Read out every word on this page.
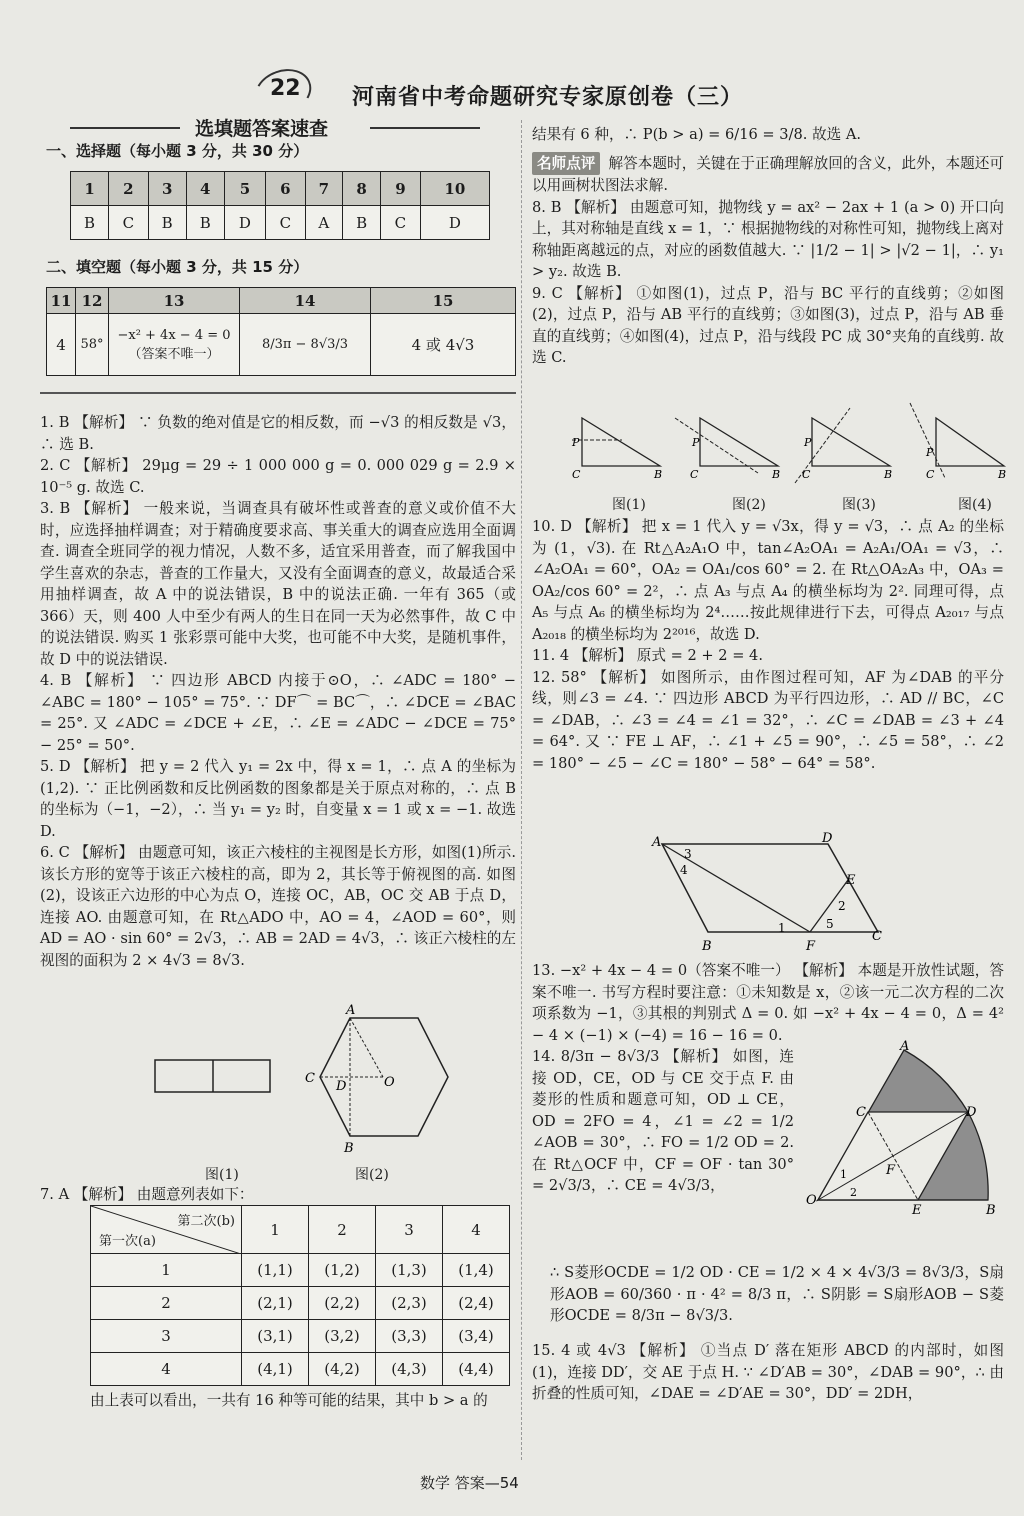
22 河南省中考命题研究专家原创卷（三）
选填题答案速查
一、选择题（每小题 3 分，共 30 分）
1	2	3	4	5	6	7	8	9	10
B	C	B	B	D	C	A	B	C	D
二、填空题（每小题 3 分，共 15 分）
11	12	13	14	15
4	58°	−x² + 4x − 4 = 0（答案不唯一）	8/3π − 8√3/3	4 或 4√3

1. B 【解析】 ∵ 负数的绝对值是它的相反数，而 −√3 的相反数是 √3，∴ 选 B.

2. C 【解析】 29μg = 29 ÷ 1 000 000 g = 0. 000 029 g = 2.9 × 10⁻⁵ g. 故选 C.

3. B 【解析】 一般来说，当调查具有破坏性或普查的意义或价值不大时，应选择抽样调查；对于精确度要求高、事关重大的调查应选用全面调查. 调查全班同学的视力情况，人数不多，适宜采用普查，而了解我国中学生喜欢的杂志，普查的工作量大，又没有全面调查的意义，故最适合采用抽样调查，故 A 中的说法错误，B 中的说法正确. 一年有 365（或 366）天，则 400 人中至少有两人的生日在同一天为必然事件，故 C 中的说法错误. 购买 1 张彩票可能中大奖，也可能不中大奖，是随机事件，故 D 中的说法错误.

4. B 【解析】 ∵ 四边形 ABCD 内接于⊙O，∴ ∠ADC = 180° − ∠ABC = 180° − 105° = 75°. ∵ DF⌒ = BC⌒，∴ ∠DCE = ∠BAC = 25°. 又 ∠ADC = ∠DCE + ∠E，∴ ∠E = ∠ADC − ∠DCE = 75° − 25° = 50°.

5. D 【解析】 把 y = 2 代入 y₁ = 2x 中，得 x = 1，∴ 点 A 的坐标为 (1,2). ∵ 正比例函数和反比例函数的图象都是关于原点对称的，∴ 点 B 的坐标为（−1，−2），∴ 当 y₁ = y₂ 时，自变量 x = 1 或 x = −1. 故选 D.

6. C 【解析】 由题意可知，该正六棱柱的主视图是长方形，如图(1)所示. 该长方形的宽等于该正六棱柱的高，即为 2，其长等于俯视图的高. 如图(2)，设该正六边形的中心为点 O，连接 OC，AB，OC 交 AB 于点 D，连接 AO. 由题意可知，在 Rt△ADO 中，AO = 4，∠AOD = 60°，则 AD = AO · sin 60° = 2√3，∴ AB = 2AD = 4√3，∴ 该正六棱柱的左视图的面积为 2 × 4√3 = 8√3.

A
C
D	O
B
图(1)	图(2)
7. A 【解析】 由题意列表如下：
第二次(b)
第一次(a)	1	2	3	4
1	(1,1)	(1,2)	(1,3)	(1,4)
2	(2,1)	(2,2)	(2,3)	(2,4)
3	(3,1)	(3,2)	(3,3)	(3,4)
4	(4,1)	(4,2)	(4,3)	(4,4)
由上表可以看出，一共有 16 种等可能的结果，其中 b > a 的

结果有 6 种，∴ P(b > a) = 6/16 = 3/8. 故选 A.

名师点评 解答本题时，关键在于正确理解放回的含义，此外，本题还可以用画树状图法求解.

8. B 【解析】 由题意可知，抛物线 y = ax² − 2ax + 1 (a > 0) 开口向上，其对称轴是直线 x = 1，∵ 根据抛物线的对称性可知，抛物线上离对称轴距离越远的点，对应的函数值越大. ∵ |1/2 − 1| > |√2 − 1|，∴ y₁ > y₂. 故选 B.

9. C 【解析】 ①如图(1)，过点 P，沿与 BC 平行的直线剪；②如图(2)，过点 P，沿与 AB 平行的直线剪；③如图(3)，过点 P，沿与 AB 垂直的直线剪；④如图(4)，过点 P，沿与线段 PC 成 30°夹角的直线剪. 故选 C.

P
C	B
P
C	B
P
C	B
P
C	B
图(1)	图(2)	图(3)	图(4)

10. D 【解析】 把 x = 1 代入 y = √3x，得 y = √3，∴ 点 A₂ 的坐标为 (1，√3). 在 Rt△A₂A₁O 中，tan∠A₂OA₁ = A₂A₁/OA₁ = √3，∴ ∠A₂OA₁ = 60°，OA₂ = OA₁/cos 60° = 2. 在 Rt△OA₂A₃ 中，OA₃ = OA₂/cos 60° = 2²，∴ 点 A₃ 与点 A₄ 的横坐标均为 2². 同理可得，点 A₅ 与点 A₆ 的横坐标均为 2⁴……按此规律进行下去，可得点 A₂₀₁₇ 与点 A₂₀₁₈ 的横坐标均为 2²⁰¹⁶，故选 D.

11. 4 【解析】 原式 = 2 + 2 = 4.

12. 58° 【解析】 如图所示，由作图过程可知，AF 为∠DAB 的平分线，则∠3 = ∠4. ∵ 四边形 ABCD 为平行四边形，∴ AD // BC，∠C = ∠DAB，∴ ∠3 = ∠4 = ∠1 = 32°，∴ ∠C = ∠DAB = ∠3 + ∠4 = 64°. 又 ∵ FE ⊥ AF，∴ ∠1 + ∠5 = 90°，∴ ∠5 = 58°，∴ ∠2 = 180° − ∠5 − ∠C = 180° − 58° − 64° = 58°.

A	D
E
B	F
C
3
4
2
1	5
13. −x² + 4x − 4 = 0（答案不唯一） 【解析】 本题是开放性试题，答案不唯一. 书写方程时要注意：①未知数是 x，②该一元二次方程的二次项系数为 −1，③其根的判别式 Δ = 0. 如 −x² + 4x − 4 = 0，Δ = 4² − 4 × (−1) × (−4) = 16 − 16 = 0.
14. 8/3π − 8√3/3 【解析】 如图，连接 OD，CE，OD 与 CE 交于点 F. 由菱形的性质和题意可知，OD ⊥ CE，OD = 2FO = 4，∠1 = ∠2 = 1/2 ∠AOB = 30°，∴ FO = 1/2 OD = 2. 在 Rt△OCF 中，CF = OF · tan 30° = 2√3/3，∴ CE = 4√3/3，
A
C	D
F
O
E	B
1
2
∴ S菱形OCDE = 1/2 OD · CE = 1/2 × 4 × 4√3/3 = 8√3/3，S扇形AOB = 60/360 · π · 4² = 8/3 π，∴ S阴影 = S扇形AOB − S菱形OCDE = 8/3π − 8√3/3.
15. 4 或 4√3 【解析】 ①当点 D′ 落在矩形 ABCD 的内部时，如图(1)，连接 DD′，交 AE 于点 H. ∵ ∠D′AB = 30°，∠DAB = 90°，∴ 由折叠的性质可知，∠DAE = ∠D′AE = 30°，DD′ = 2DH，
数学 答案—54
